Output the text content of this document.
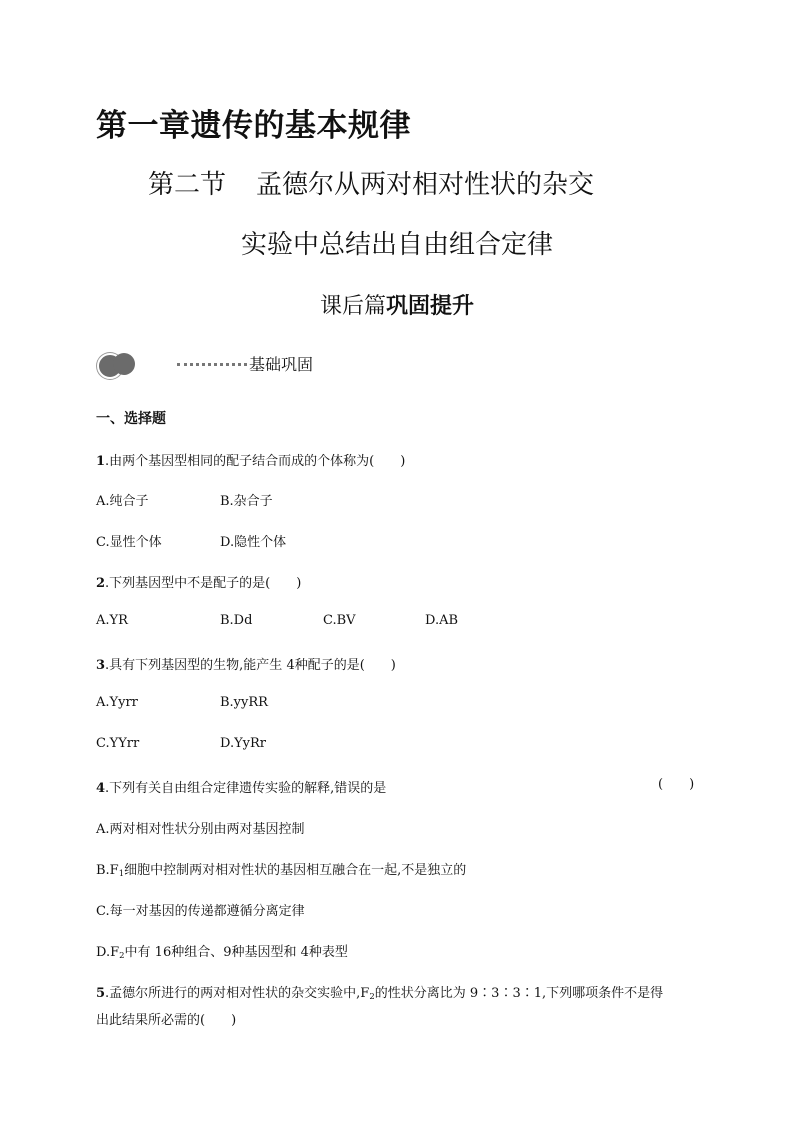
第一章遗传的基本规律
第二节 孟德尔从两对相对性状的杂交
实验中总结出自由组合定律
课后篇巩固提升
基础巩固
一、选择题
1.由两个基因型相同的配子结合而成的个体称为( )
A.纯合子	B.杂合子
C.显性个体	D.隐性个体
2.下列基因型中不是配子的是( )
A.YR	B.Dd	C.BV	D.AB
3.具有下列基因型的生物,能产生 4种配子的是( )
A.Yyrr	B.yyRR
C.YYrr	D.YyRr
4.下列有关自由组合定律遗传实验的解释,错误的是	( )
A.两对相对性状分别由两对基因控制
$B.F_1$细胞中控制两对相对性状的基因相互融合在一起,不是独立的
C.每一对基因的传递都遵循分离定律
$D.F_2$中有 16种组合、9种基因型和 4种表型
5.孟德尔所进行的两对相对性状的杂交实验中$,F_2$的性状分离比为 9∶3∶3∶1,下列哪项条件不是得
出此结果所必需的( )
